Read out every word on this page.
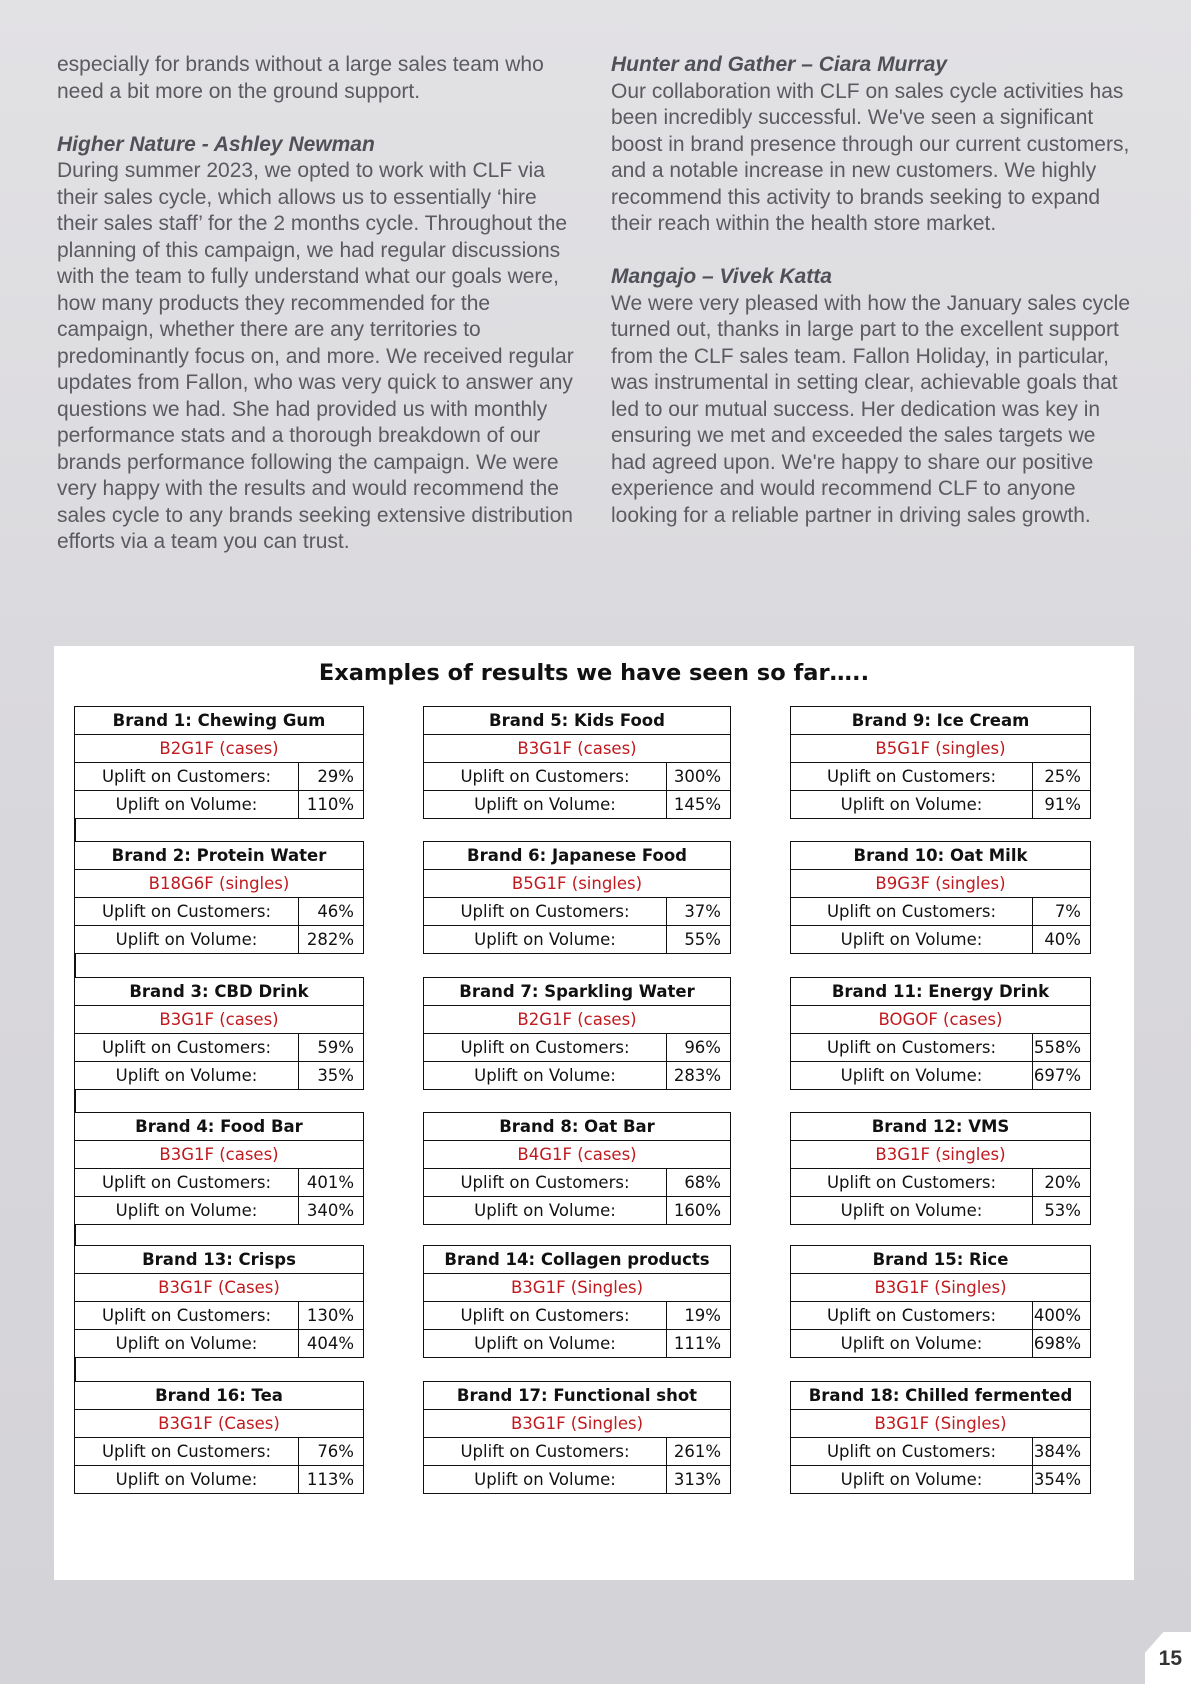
especially for brands without a large sales team who need a bit more on the ground support.

Higher Nature - Ashley Newman

During summer 2023, we opted to work with CLF via their sales cycle, which allows us to essentially ‘hire their sales staff’ for the 2 months cycle. Throughout the planning of this campaign, we had regular discussions with the team to fully understand what our goals were, how many products they recommended for the campaign, whether there are any territories to predominantly focus on, and more. We received regular updates from Fallon, who was very quick to answer any questions we had. She had provided us with monthly performance stats and a thorough breakdown of our brands performance following the campaign. We were very happy with the results and would recommend the sales cycle to any brands seeking extensive distribution efforts via a team you can trust.

Hunter and Gather – Ciara Murray

Our collaboration with CLF on sales cycle activities has been incredibly successful. We've seen a significant boost in brand presence through our current customers, and a notable increase in new customers. We highly recommend this activity to brands seeking to expand their reach within the health store market.

Mangajo – Vivek Katta

We were very pleased with how the January sales cycle turned out, thanks in large part to the excellent support from the CLF sales team. Fallon Holiday, in particular, was instrumental in setting clear, achievable goals that led to our mutual success. Her dedication was key in ensuring we met and exceeded the sales targets we had agreed upon. We're happy to share our positive experience and would recommend CLF to anyone looking for a reliable partner in driving sales growth.

Examples of results we have seen so far…..
Brand 1: Chewing Gum	
B2G1F (cases)	
Uplift on Customers:	29%
Uplift on Volume:	110%
Brand 5: Kids Food	
B3G1F (cases)	
Uplift on Customers:	300%
Uplift on Volume:	145%
Brand 9: Ice Cream	
B5G1F (singles)	
Uplift on Customers:	25%
Uplift on Volume:	91%
Brand 2: Protein Water	
B18G6F (singles)	
Uplift on Customers:	46%
Uplift on Volume:	282%
Brand 6: Japanese Food	
B5G1F (singles)	
Uplift on Customers:	37%
Uplift on Volume:	55%
Brand 10: Oat Milk	
B9G3F (singles)	
Uplift on Customers:	7%
Uplift on Volume:	40%
Brand 3: CBD Drink	
B3G1F (cases)	
Uplift on Customers:	59%
Uplift on Volume:	35%
Brand 7: Sparkling Water	
B2G1F (cases)	
Uplift on Customers:	96%
Uplift on Volume:	283%
Brand 11: Energy Drink	
BOGOF (cases)	
Uplift on Customers:	558%
Uplift on Volume:	697%
Brand 4: Food Bar	
B3G1F (cases)	
Uplift on Customers:	401%
Uplift on Volume:	340%
Brand 8: Oat Bar	
B4G1F (cases)	
Uplift on Customers:	68%
Uplift on Volume:	160%
Brand 12: VMS	
B3G1F (singles)	
Uplift on Customers:	20%
Uplift on Volume:	53%
Brand 13: Crisps	
B3G1F (Cases)	
Uplift on Customers:	130%
Uplift on Volume:	404%
Brand 14: Collagen products	
B3G1F (Singles)	
Uplift on Customers:	19%
Uplift on Volume:	111%
Brand 15: Rice	
B3G1F (Singles)	
Uplift on Customers:	400%
Uplift on Volume:	698%
Brand 16: Tea	
B3G1F (Cases)	
Uplift on Customers:	76%
Uplift on Volume:	113%
Brand 17: Functional shot	
B3G1F (Singles)	
Uplift on Customers:	261%
Uplift on Volume:	313%
Brand 18: Chilled fermented	
B3G1F (Singles)	
Uplift on Customers:	384%
Uplift on Volume:	354%
15
